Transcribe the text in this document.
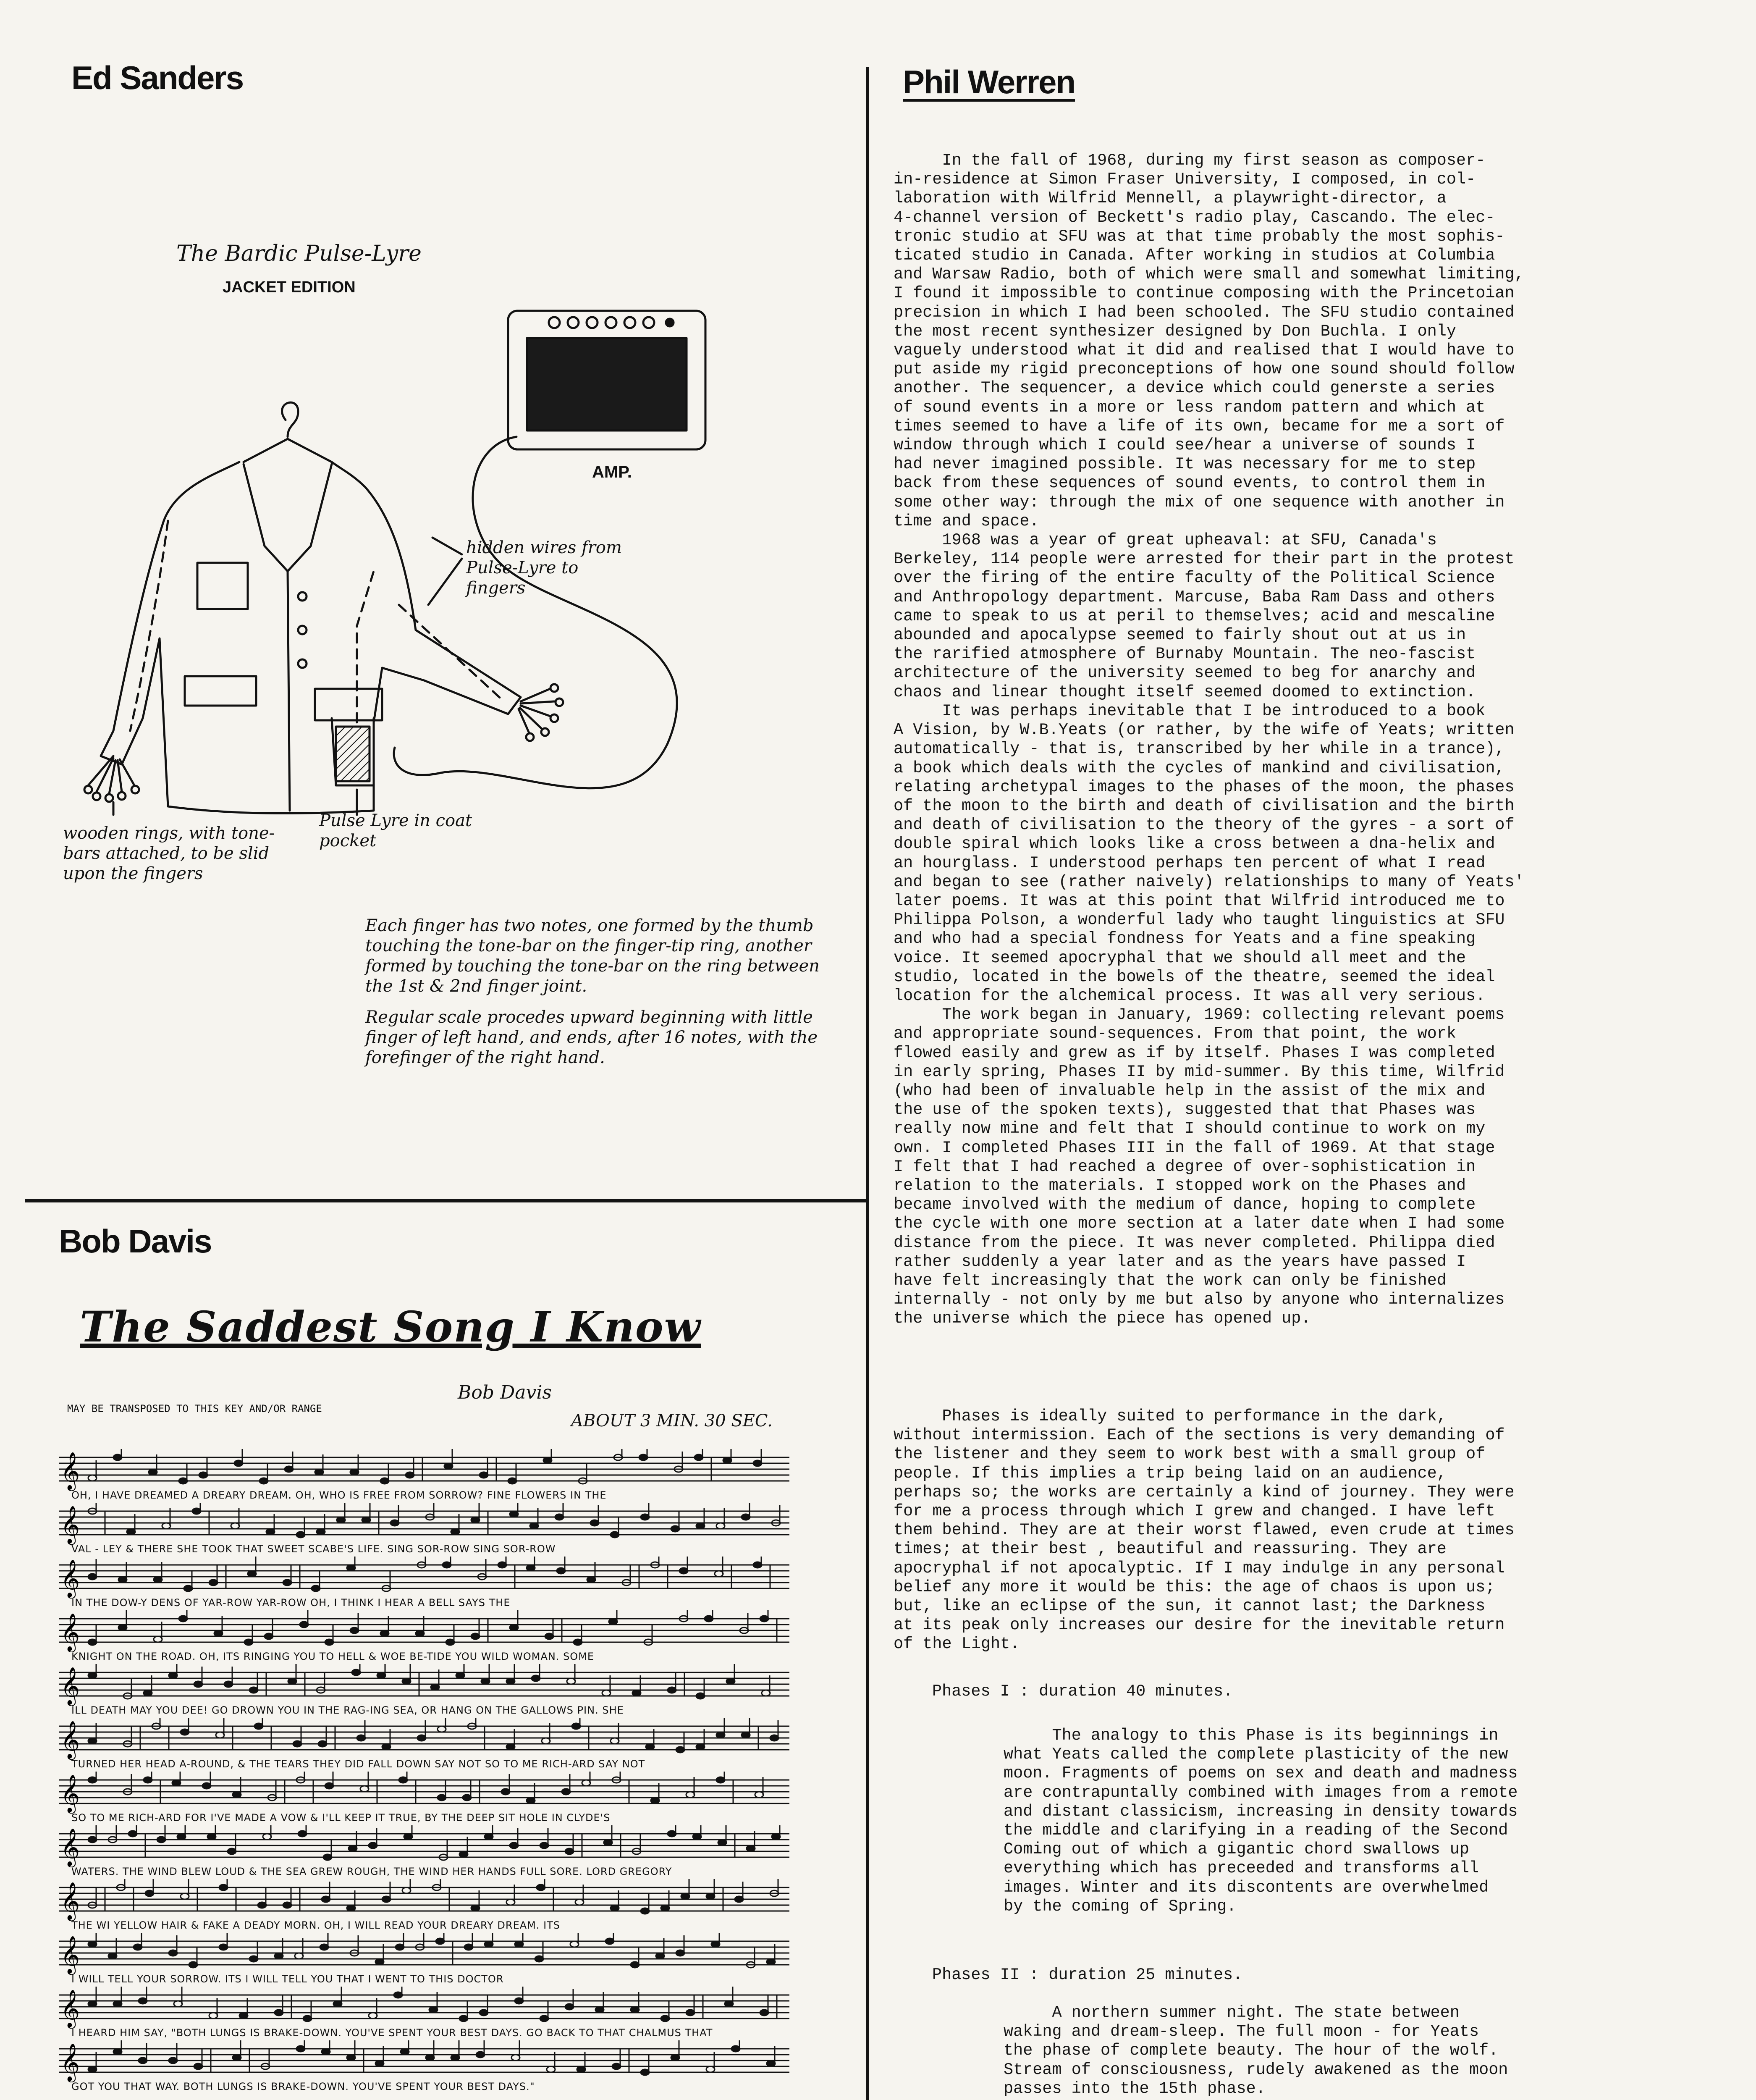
Ed Sanders
The Bardic Pulse-Lyre
JACKET EDITION
AMP.
hidden wires from Pulse-Lyre to fingers
Pulse Lyre in coat pocket
wooden rings, with tone-bars attached, to be slid upon the fingers

Each finger has two notes, one formed by the thumb touching the tone-bar on the finger-tip ring, another formed by touching the tone-bar on the ring between the 1st & 2nd finger joint.

Regular scale procedes upward beginning with little finger of left hand, and ends, after 16 notes, with the forefinger of the right hand.

Bob Davis
The Saddest Song I Know
Bob Davis
MAY BE TRANSPOSED TO THIS KEY AND/OR RANGE
ABOUT 3 MIN. 30 SEC.
𝄞
OH, I HAVE DREAMED A DREARY DREAM. OH, WHO IS FREE FROM SORROW? FINE FLOWERS IN THE
𝄞
VAL - LEY & THERE SHE TOOK THAT SWEET SCABE'S LIFE. SING SOR-ROW SING SOR-ROW
𝄞
IN THE DOW-Y DENS OF YAR-ROW YAR-ROW OH, I THINK I HEAR A BELL SAYS THE
𝄞
KNIGHT ON THE ROAD. OH, ITS RINGING YOU TO HELL & WOE BE-TIDE YOU WILD WOMAN. SOME
𝄞
ILL DEATH MAY YOU DEE! GO DROWN YOU IN THE RAG-ING SEA, OR HANG ON THE GALLOWS PIN. SHE
𝄞
TURNED HER HEAD A-ROUND, & THE TEARS THEY DID FALL DOWN SAY NOT SO TO ME RICH-ARD SAY NOT
𝄞
SO TO ME RICH-ARD FOR I'VE MADE A VOW & I'LL KEEP IT TRUE, BY THE DEEP SIT HOLE IN CLYDE'S
𝄞
WATERS. THE WIND BLEW LOUD & THE SEA GREW ROUGH, THE WIND HER HANDS FULL SORE. LORD GREGORY
𝄞
THE WI YELLOW HAIR & FAKE A DEADY MORN. OH, I WILL READ YOUR DREARY DREAM. ITS
𝄞
I WILL TELL YOUR SORROW. ITS I WILL TELL YOU THAT I WENT TO THIS DOCTOR
𝄞
I HEARD HIM SAY, "BOTH LUNGS IS BRAKE-DOWN. YOU'VE SPENT YOUR BEST DAYS. GO BACK TO THAT CHALMUS THAT
𝄞
GOT YOU THAT WAY. BOTH LUNGS IS BRAKE-DOWN. YOU'VE SPENT YOUR BEST DAYS."
Phil Werren
In the fall of 1968, during my first season as composer-
in-residence at Simon Fraser University, I composed, in col-
laboration with Wilfrid Mennell, a playwright-director, a
4-channel version of Beckett's radio play, Cascando. The elec-
tronic studio at SFU was at that time probably the most sophis-
ticated studio in Canada. After working in studios at Columbia
and Warsaw Radio, both of which were small and somewhat limiting,
I found it impossible to continue composing with the Princetoian
precision in which I had been schooled. The SFU studio contained
the most recent synthesizer designed by Don Buchla. I only
vaguely understood what it did and realised that I would have to
put aside my rigid preconceptions of how one sound should follow
another. The sequencer, a device which could generste a series
of sound events in a more or less random pattern and which at
times seemed to have a life of its own, became for me a sort of
window through which I could see/hear a universe of sounds I
had never imagined possible. It was necessary for me to step
back from these sequences of sound events, to control them in
some other way: through the mix of one sequence with another in
time and space.
1968 was a year of great upheaval: at SFU, Canada's
Berkeley, 114 people were arrested for their part in the protest
over the firing of the entire faculty of the Political Science
and Anthropology department. Marcuse, Baba Ram Dass and others
came to speak to us at peril to themselves; acid and mescaline
abounded and apocalypse seemed to fairly shout out at us in
the rarified atmosphere of Burnaby Mountain. The neo-fascist
architecture of the university seemed to beg for anarchy and
chaos and linear thought itself seemed doomed to extinction.
It was perhaps inevitable that I be introduced to a book
A Vision, by W.B.Yeats (or rather, by the wife of Yeats; written
automatically - that is, transcribed by her while in a trance),
a book which deals with the cycles of mankind and civilisation,
relating archetypal images to the phases of the moon, the phases
of the moon to the birth and death of civilisation and the birth
and death of civilisation to the theory of the gyres - a sort of
double spiral which looks like a cross between a dna-helix and
an hourglass. I understood perhaps ten percent of what I read
and began to see (rather naively) relationships to many of Yeats'
later poems. It was at this point that Wilfrid introduced me to
Philippa Polson, a wonderful lady who taught linguistics at SFU
and who had a special fondness for Yeats and a fine speaking
voice. It seemed apocryphal that we should all meet and the
studio, located in the bowels of the theatre, seemed the ideal
location for the alchemical process. It was all very serious.
The work began in January, 1969: collecting relevant poems
and appropriate sound-sequences. From that point, the work
flowed easily and grew as if by itself. Phases I was completed
in early spring, Phases II by mid-summer. By this time, Wilfrid
(who had been of invaluable help in the assist of the mix and
the use of the spoken texts), suggested that that Phases was
really now mine and felt that I should continue to work on my
own. I completed Phases III in the fall of 1969. At that stage
I felt that I had reached a degree of over-sophistication in
relation to the materials. I stopped work on the Phases and
became involved with the medium of dance, hoping to complete
the cycle with one more section at a later date when I had some
distance from the piece. It was never completed. Philippa died
rather suddenly a year later and as the years have passed I
have felt increasingly that the work can only be finished
internally - not only by me but also by anyone who internalizes
the universe which the piece has opened up.
Phases is ideally suited to performance in the dark,
without intermission. Each of the sections is very demanding of
the listener and they seem to work best with a small group of
people. If this implies a trip being laid on an audience,
perhaps so; the works are certainly a kind of journey. They were
for me a process through which I grew and changed. I have left
them behind. They are at their worst flawed, even crude at times
times; at their best , beautiful and reassuring. They are
apocryphal if not apocalyptic. If I may indulge in any personal
belief any more it would be this: the age of chaos is upon us;
but, like an eclipse of the sun, it cannot last; the Darkness
at its peak only increases our desire for the inevitable return
of the Light.
Phases I : duration 40 minutes.
The analogy to this Phase is its beginnings in
what Yeats called the complete plasticity of the new
moon. Fragments of poems on sex and death and madness
are contrapuntally combined with images from a remote
and distant classicism, increasing in density towards
the middle and clarifying in a reading of the Second
Coming out of which a gigantic chord swallows up
everything which has preceeded and transforms all
images. Winter and its discontents are overwhelmed
by the coming of Spring.
Phases II : duration 25 minutes.
A northern summer night. The state between
waking and dream-sleep. The full moon - for Yeats
the phase of complete beauty. The hour of the wolf.
Stream of consciousness, rudely awakened as the moon
passes into the 15th phase.
